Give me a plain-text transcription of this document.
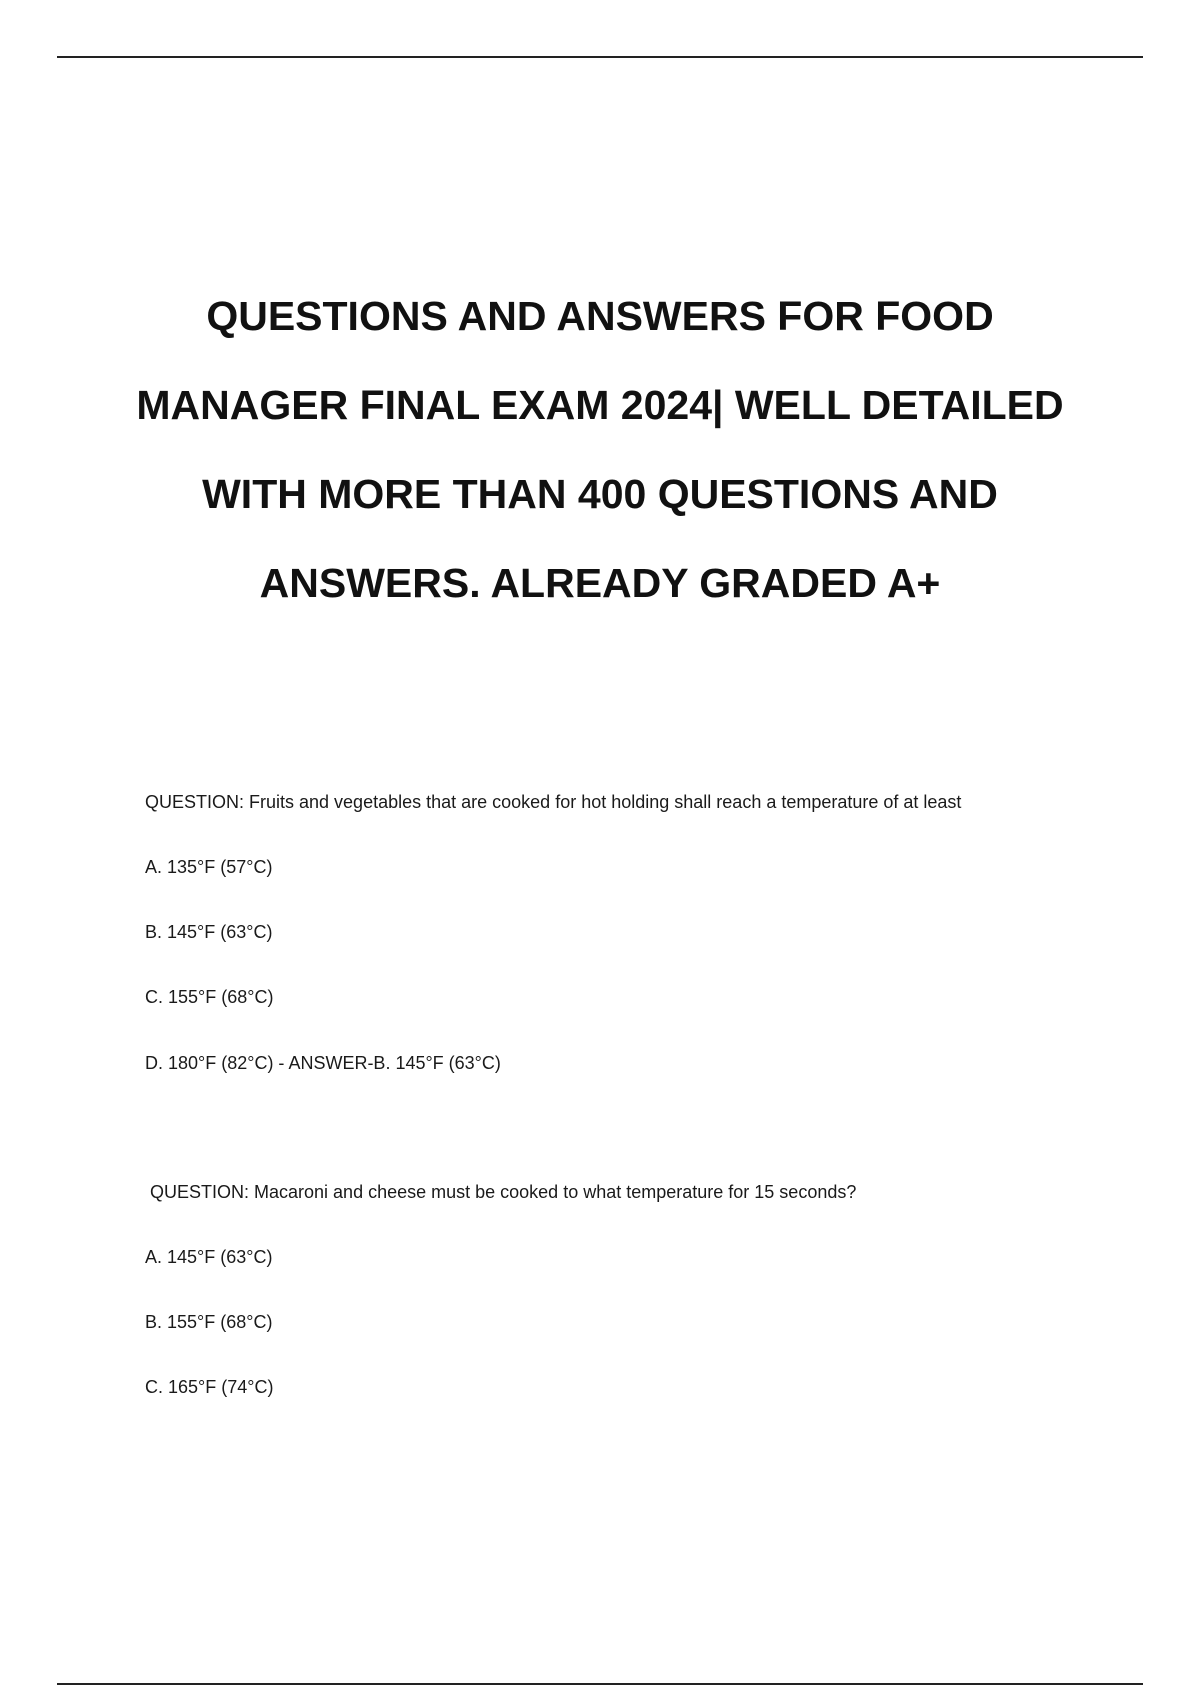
QUESTIONS AND ANSWERS FOR FOOD
MANAGER FINAL EXAM 2024| WELL DETAILED
WITH MORE THAN 400 QUESTIONS AND
ANSWERS. ALREADY GRADED A+

QUESTION: Fruits and vegetables that are cooked for hot holding shall reach a temperature of at least

A. 135°F (57°C)

B. 145°F (63°C)

C. 155°F (68°C)

D. 180°F (82°C) - ANSWER-B. 145°F (63°C)

QUESTION: Macaroni and cheese must be cooked to what temperature for 15 seconds?

A. 145°F (63°C)

B. 155°F (68°C)

C. 165°F (74°C)
